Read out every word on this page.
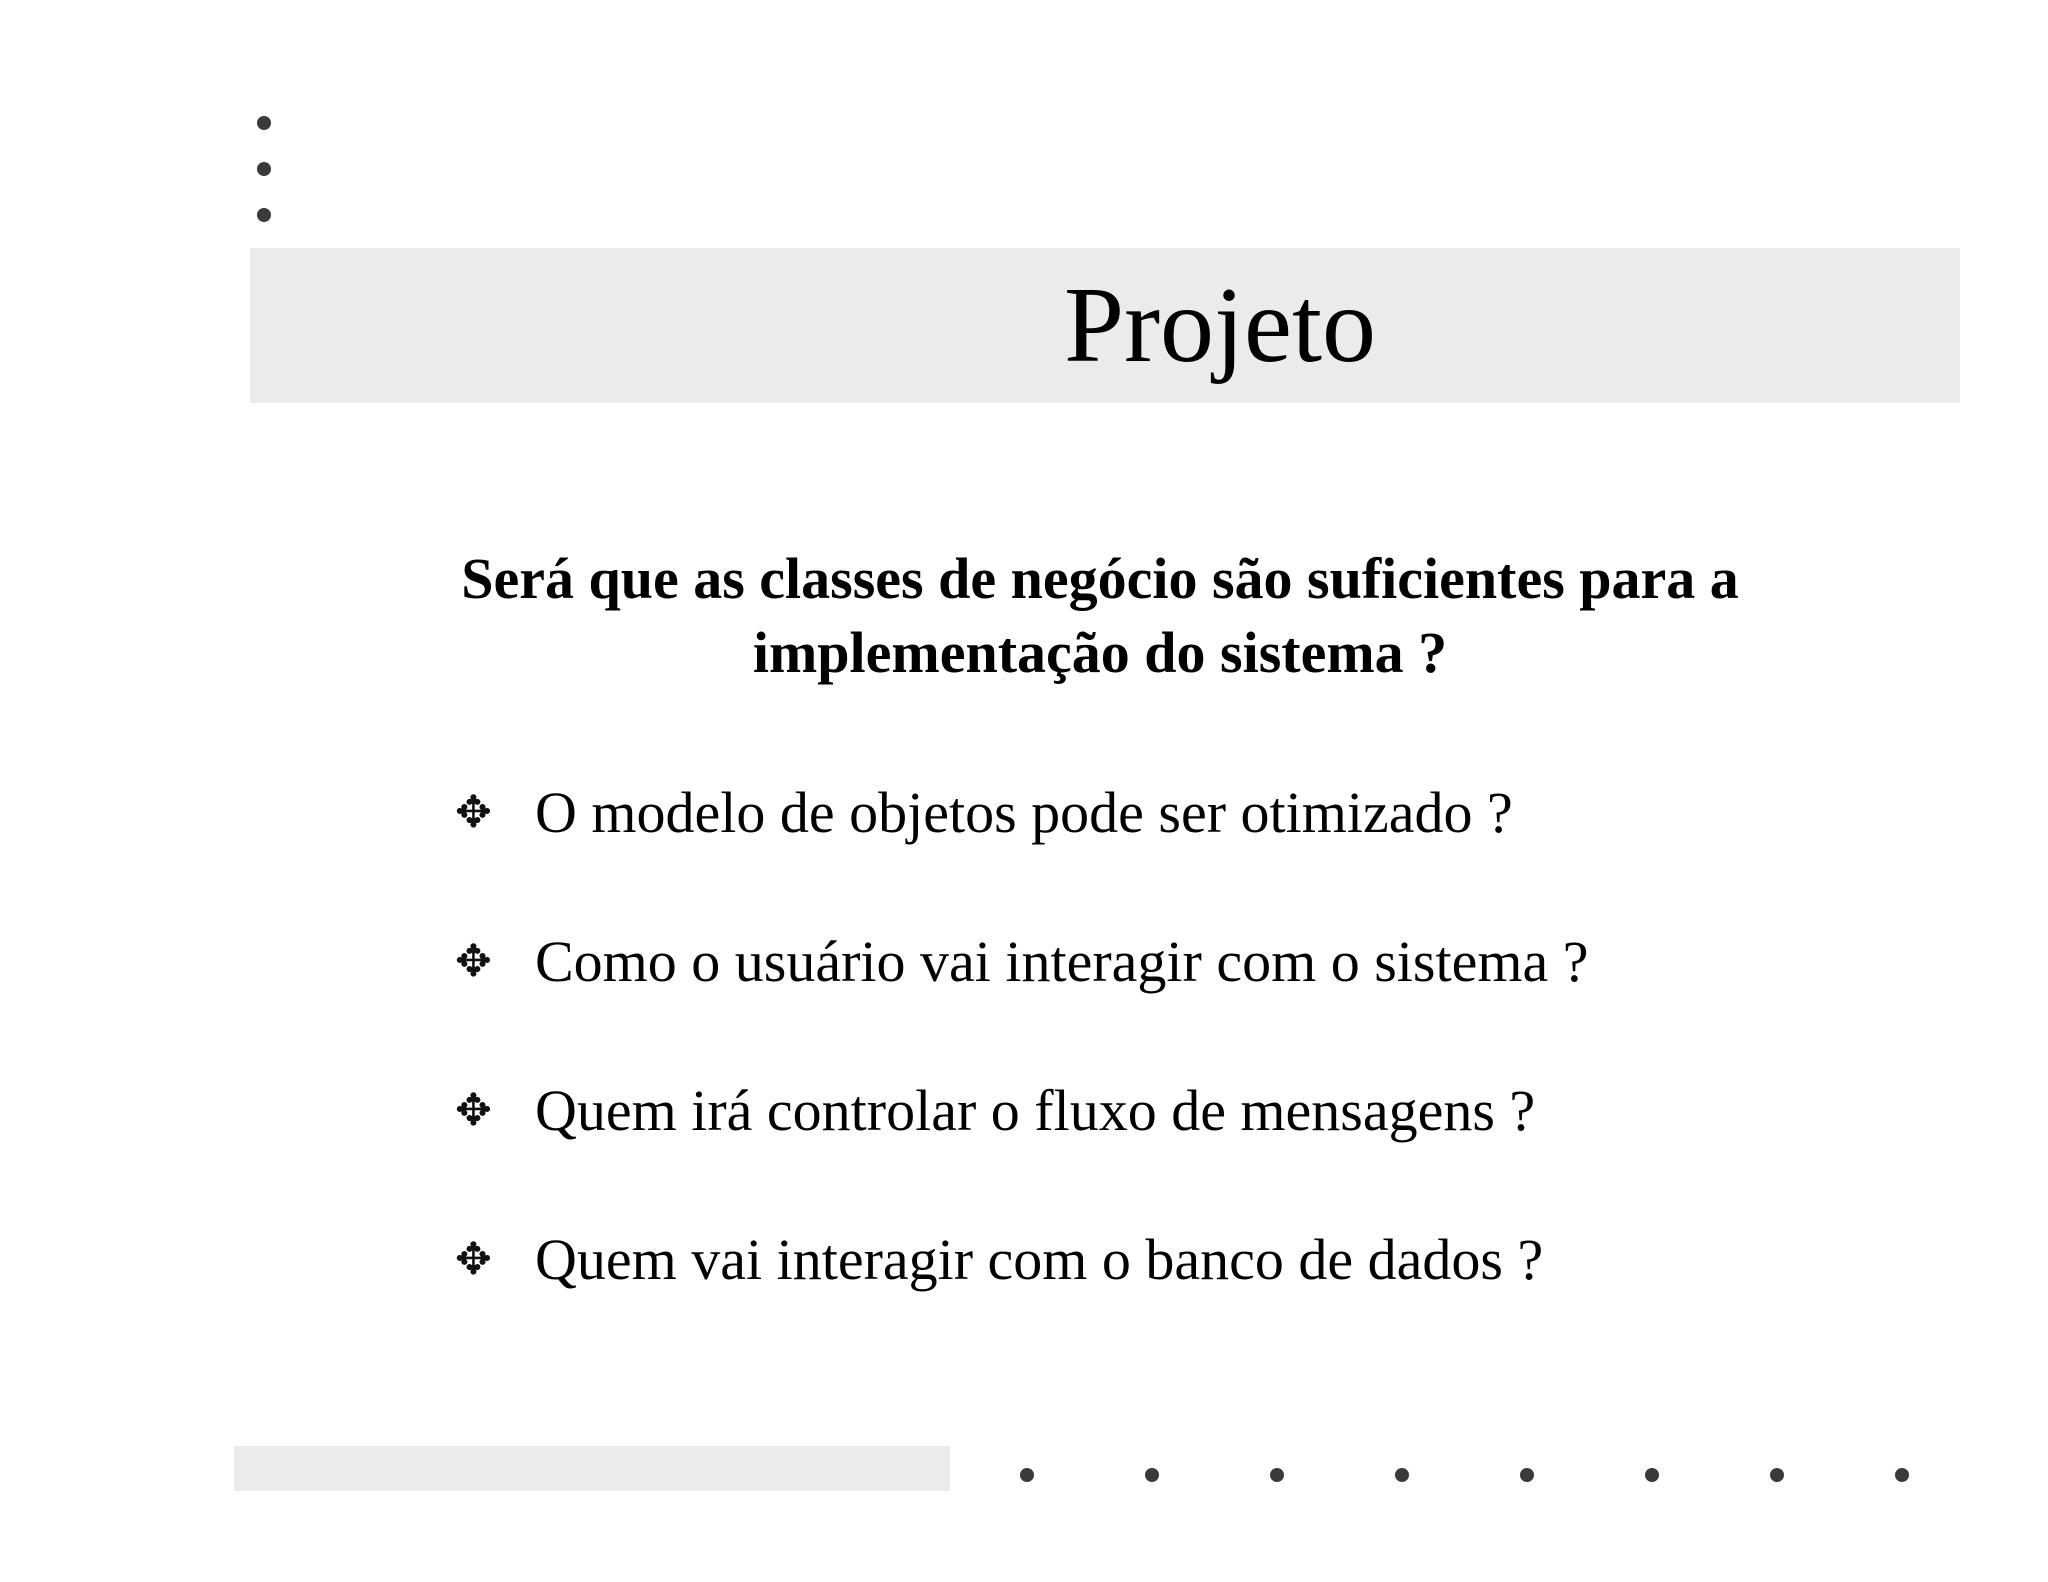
Projeto

Será que as classes de negócio são suficientes para a implementação do sistema ?

✥ O modelo de objetos pode ser otimizado ?
✥ Como o usuário vai interagir com o sistema ?
✥ Quem irá controlar o fluxo de mensagens ?
✥ Quem vai interagir com o banco de dados ?
